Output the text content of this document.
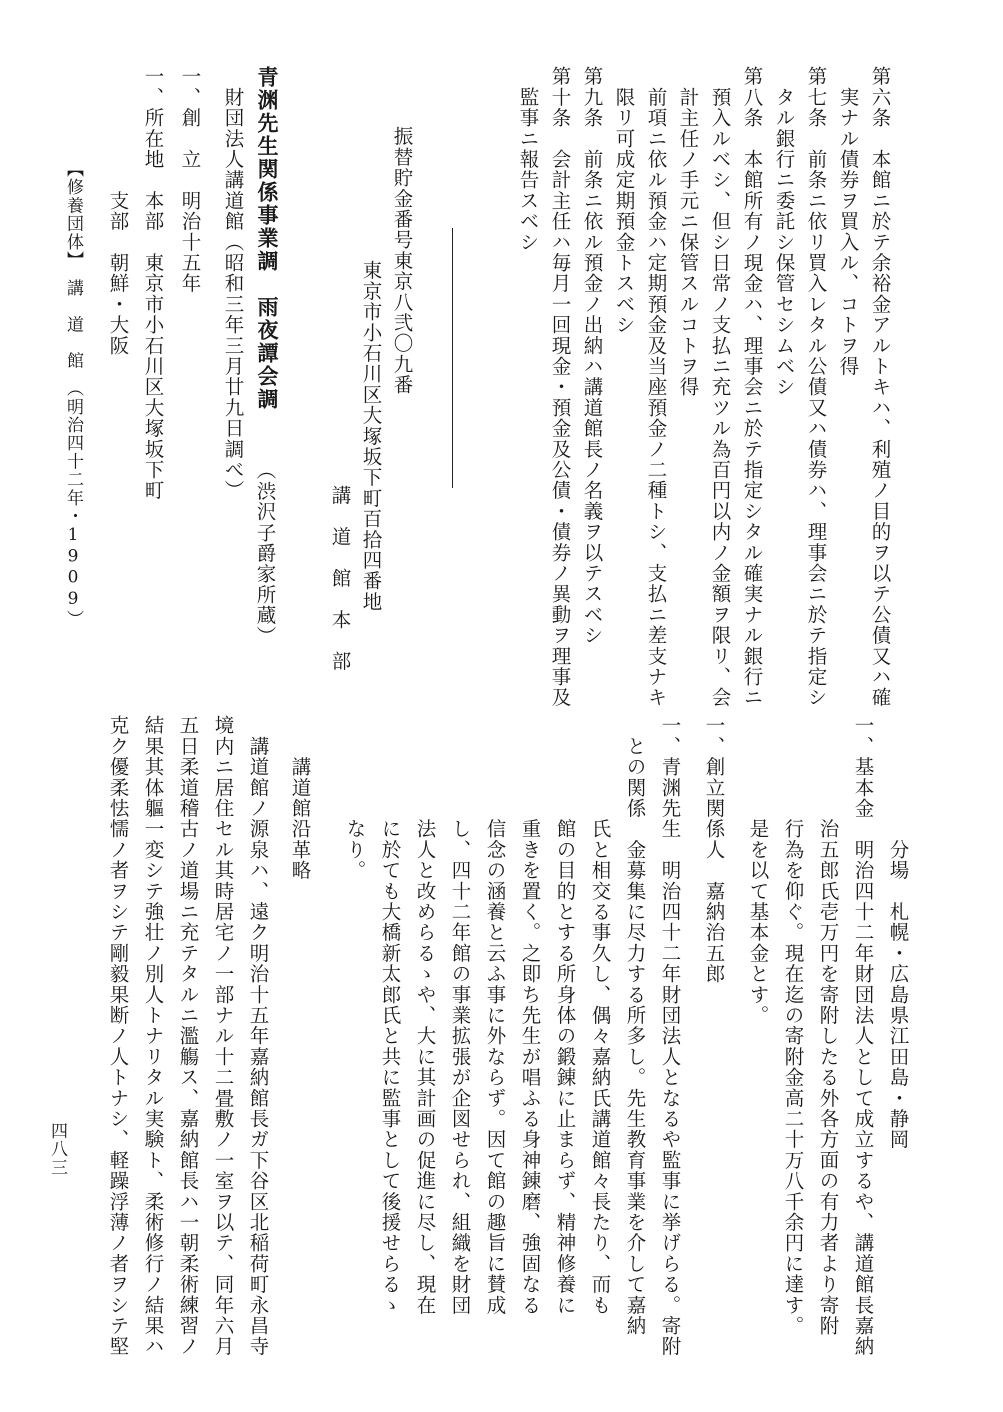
第六条　本館ニ於テ余裕金アルトキハ、利殖ノ目的ヲ以テ公債又ハ確
　実ナル債券ヲ買入ル、コトヲ得
第七条　前条ニ依リ買入レタル公債又ハ債券ハ、理事会ニ於テ指定シ
　タル銀行ニ委託シ保管セシムベシ
第八条　本館所有ノ現金ハ、理事会ニ於テ指定シタル確実ナル銀行ニ
　預入ルベシ、但シ日常ノ支払ニ充ツル為百円以内ノ金額ヲ限リ、会
　計主任ノ手元ニ保管スルコトヲ得
　前項ニ依ル預金ハ定期預金及当座預金ノ二種トシ、支払ニ差支ナキ
　限リ可成定期預金トスベシ
第九条　前条ニ依ル預金ノ出納ハ講道館長ノ名義ヲ以テスベシ
第十条　会計主任ハ毎月一回現金・預金及公債・債券ノ異動ヲ理事及
　監事ニ報告スベシ
振替貯金番号東京八弐〇九番
東京市小石川区大塚坂下町百拾四番地
講　道　館　本　部
青渊先生関係事業調　雨夜譚会調
　財団法人講道館（昭和三年三月廿九日調べ）
（渋沢子爵家所蔵）
一、創　立　明治十五年
一、所在地　本部　東京市小石川区大塚坂下町
　　　　　　支部　朝鮮・大阪
【修養団体】　講　道　館　（明治四十二年・1909）
　　　　　　分場　札幌・広島県江田島・静岡
一、基本金　明治四十二年財団法人として成立するや、講道館長嘉納
　　　　　治五郎氏壱万円を寄附したる外各方面の有力者より寄附
　　　　　行為を仰ぐ。現在迄の寄附金高二十万八千余円に達す。
　　　　　是を以て基本金とす。
一、創立関係人　嘉納治五郎
一、青渊先生　明治四十二年財団法人となるや監事に挙げらる。寄附
　との関係　金募集に尽力する所多し。先生教育事業を介して嘉納
　　　　　氏と相交る事久し、偶々嘉納氏講道館々長たり、而も
　　　　　館の目的とする所身体の鍛錬に止まらず、精神修養に
　　　　　重きを置く。之即ち先生が唱ふる身神錬磨、強固なる
　　　　　信念の涵養と云ふ事に外ならず。因て館の趣旨に賛成
　　　　　し、四十二年館の事業拡張が企図せられ、組織を財団
　　　　　法人と改めらるゝや、大に其計画の促進に尽し、現在
　　　　　に於ても大橋新太郎氏と共に監事として後援せらるゝ
　　　　　なり。
　　講道館沿革略
　講道館ノ源泉ハ、遠ク明治十五年嘉納館長ガ下谷区北稲荷町永昌寺
境内ニ居住セル其時居宅ノ一部ナル十二畳敷ノ一室ヲ以テ、同年六月
五日柔道稽古ノ道場ニ充テタルニ濫觴ス、嘉納館長ハ一朝柔術練習ノ
結果其体軀一変シテ強壮ノ別人トナリタル実験ト、柔術修行ノ結果ハ
克ク優柔怯懦ノ者ヲシテ剛毅果断ノ人トナシ、軽躁浮薄ノ者ヲシテ堅
四八三
